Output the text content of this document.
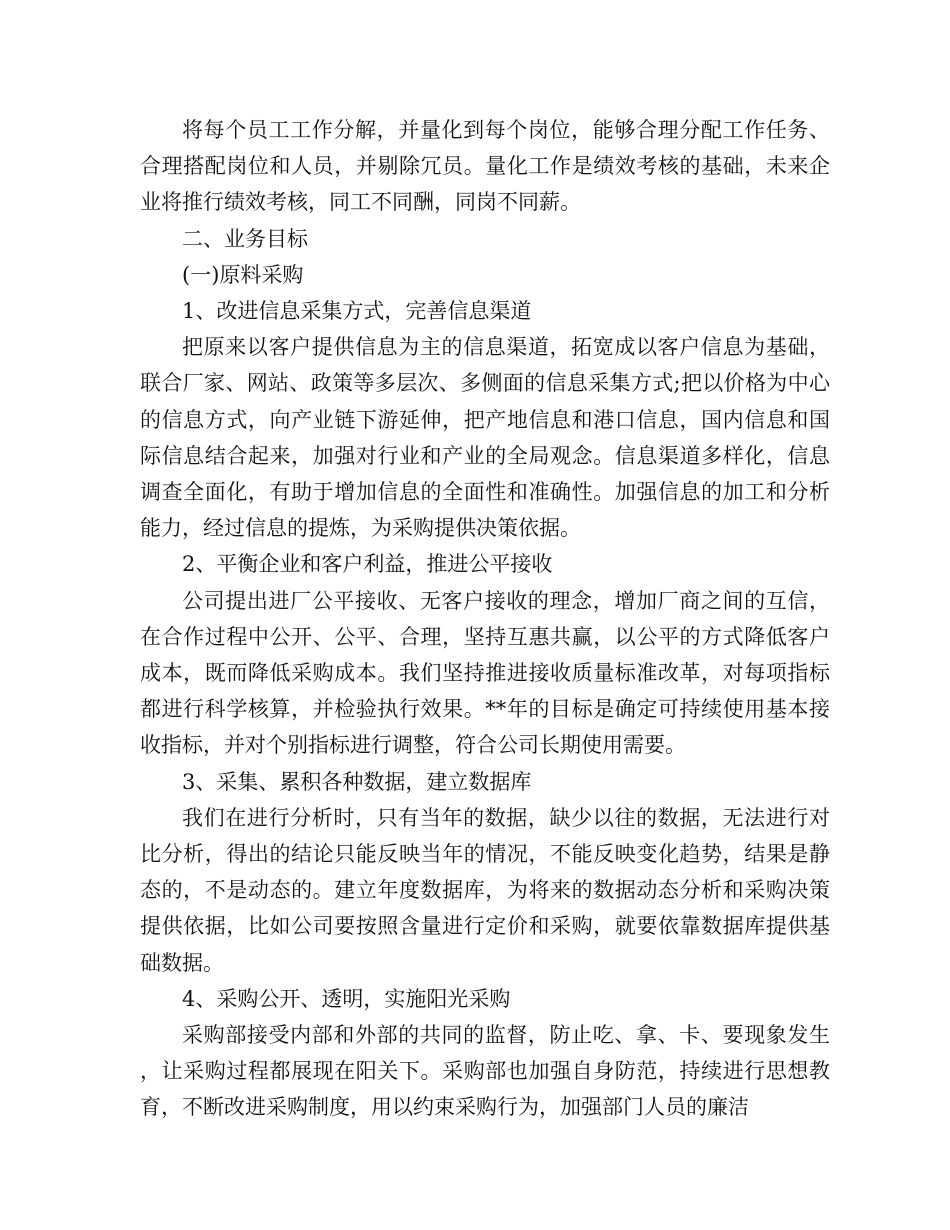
将每个员工工作分解，并量化到每个岗位，能够合理分配工作任务、合理搭配岗位和人员，并剔除冗员。量化工作是绩效考核的基础，未来企业将推行绩效考核，同工不同酬，同岗不同薪。

二、业务目标

(一)原料采购

1、改进信息采集方式，完善信息渠道

把原来以客户提供信息为主的信息渠道，拓宽成以客户信息为基础，联合厂家、网站、政策等多层次、多侧面的信息采集方式;把以价格为中心的信息方式，向产业链下游延伸，把产地信息和港口信息，国内信息和国际信息结合起来，加强对行业和产业的全局观念。信息渠道多样化，信息调查全面化，有助于增加信息的全面性和准确性。加强信息的加工和分析能力，经过信息的提炼，为采购提供决策依据。

2、平衡企业和客户利益，推进公平接收

公司提出进厂公平接收、无客户接收的理念，增加厂商之间的互信，在合作过程中公开、公平、合理，坚持互惠共赢，以公平的方式降低客户成本，既而降低采购成本。我们坚持推进接收质量标准改革，对每项指标都进行科学核算，并检验执行效果。**年的目标是确定可持续使用基本接收指标，并对个别指标进行调整，符合公司长期使用需要。

3、采集、累积各种数据，建立数据库

我们在进行分析时，只有当年的数据，缺少以往的数据，无法进行对比分析，得出的结论只能反映当年的情况，不能反映变化趋势，结果是静态的，不是动态的。建立年度数据库，为将来的数据动态分析和采购决策提供依据，比如公司要按照含量进行定价和采购，就要依靠数据库提供基础数据。

4、采购公开、透明，实施阳光采购

采购部接受内部和外部的共同的监督，防止吃、拿、卡、要现象发生，让采购过程都展现在阳关下。采购部也加强自身防范，持续进行思想教育，不断改进采购制度，用以约束采购行为，加强部门人员的廉洁
